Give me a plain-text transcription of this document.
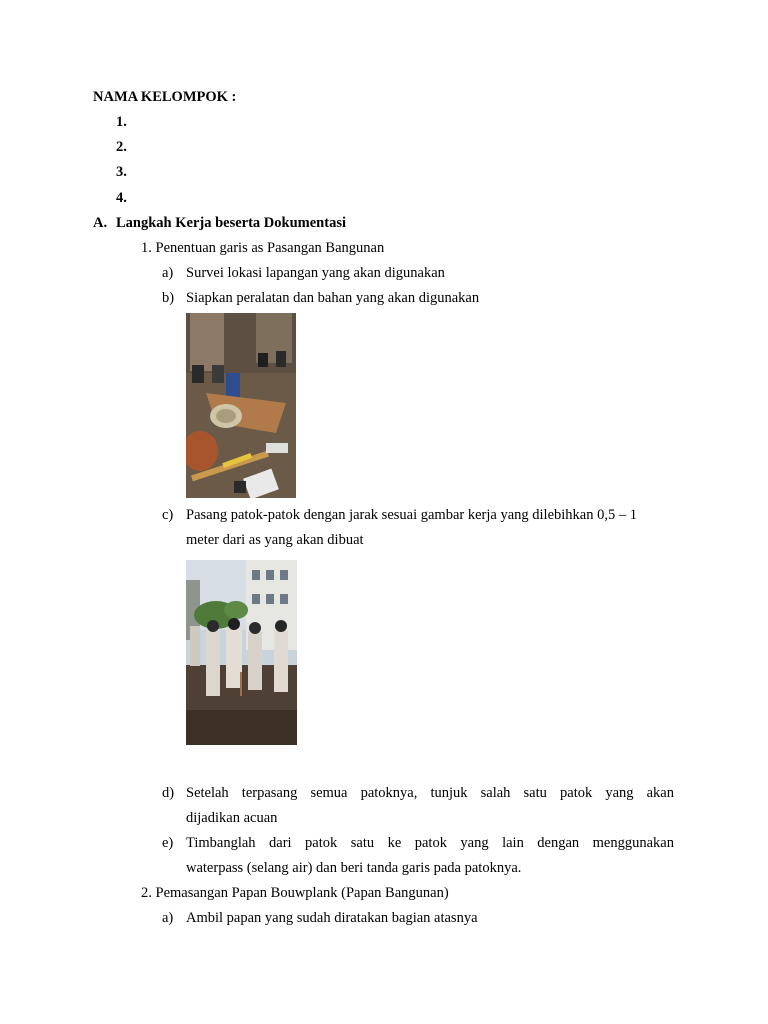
NAMA KELOMPOK :
1.
2.
3.
4.
A. Langkah Kerja beserta Dokumentasi
1. Penentuan garis as Pasangan Bangunan
a) Survei lokasi lapangan yang akan digunakan
b) Siapkan peralatan dan bahan yang akan digunakan
c) Pasang patok-patok dengan jarak sesuai gambar kerja yang dilebihkan 0,5 – 1
meter dari as yang akan dibuat
d) Setelah terpasang semua patoknya, tunjuk salah satu patok yang akan
dijadikan acuan
e) Timbanglah dari patok satu ke patok yang lain dengan menggunakan
waterpass (selang air) dan beri tanda garis pada patoknya.
2. Pemasangan Papan Bouwplank (Papan Bangunan)
a) Ambil papan yang sudah diratakan bagian atasnya
